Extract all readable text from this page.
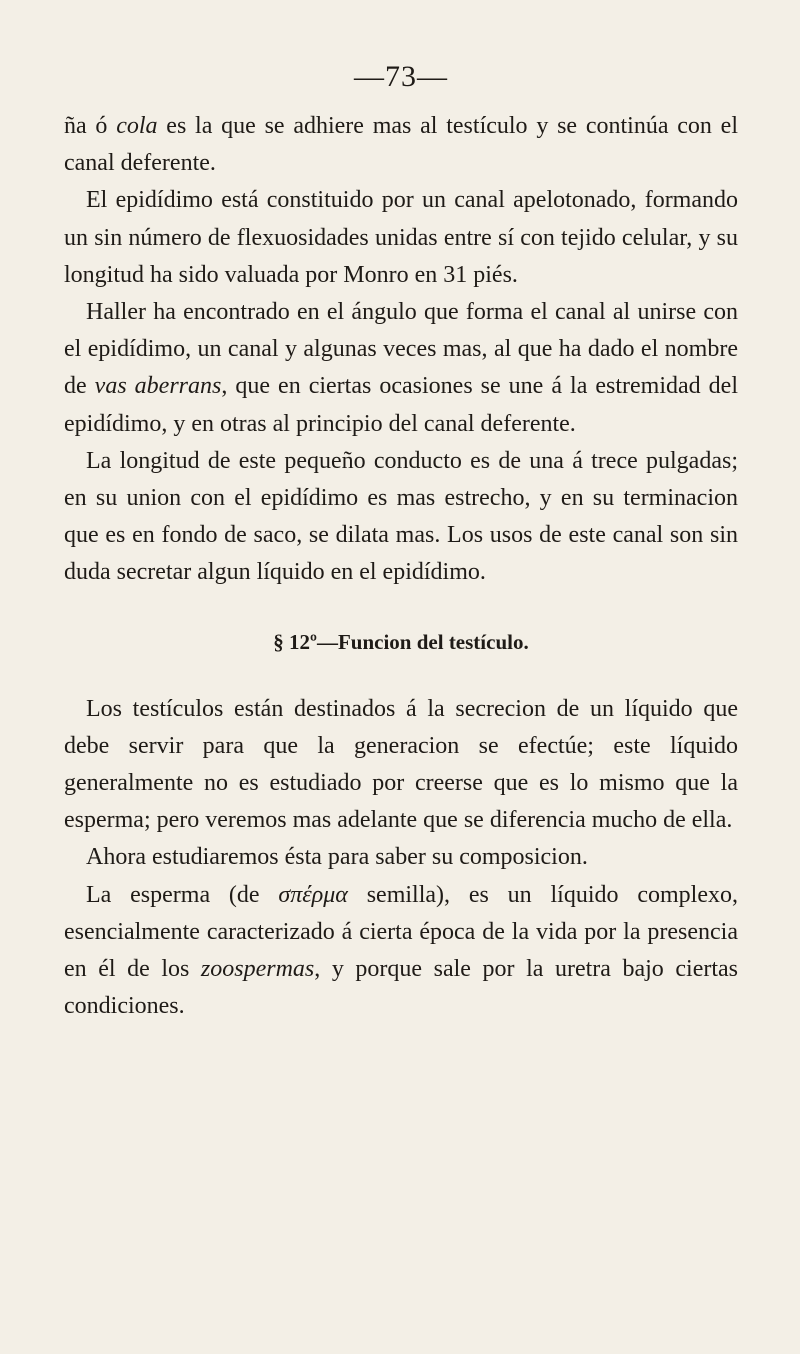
—73—

ña ó cola es la que se adhiere mas al testículo y se continúa con el canal deferente.

El epidídimo está constituido por un canal apelotonado, formando un sin número de flexuosidades unidas entre sí con tejido celular, y su longitud ha sido valuada por Monro en 31 piés.

Haller ha encontrado en el ángulo que forma el canal al unirse con el epidídimo, un canal y algunas veces mas, al que ha dado el nombre de vas aberrans, que en ciertas ocasiones se une á la estremidad del epidídimo, y en otras al principio del canal deferente.

La longitud de este pequeño conducto es de una á trece pulgadas; en su union con el epidídimo es mas estrecho, y en su terminacion que es en fondo de saco, se dilata mas. Los usos de este canal son sin duda secretar algun líquido en el epidídimo.

§ 12º—Funcion del testículo.

Los testículos están destinados á la secrecion de un líquido que debe servir para que la generacion se efectúe; este líquido generalmente no es estudiado por creerse que es lo mismo que la esperma; pero veremos mas adelante que se diferencia mucho de ella.

Ahora estudiaremos ésta para saber su composicion.

La esperma (de σπέρμα semilla), es un líquido complexo, esencialmente caracterizado á cierta época de la vida por la presencia en él de los zoospermas, y porque sale por la uretra bajo ciertas condiciones.
